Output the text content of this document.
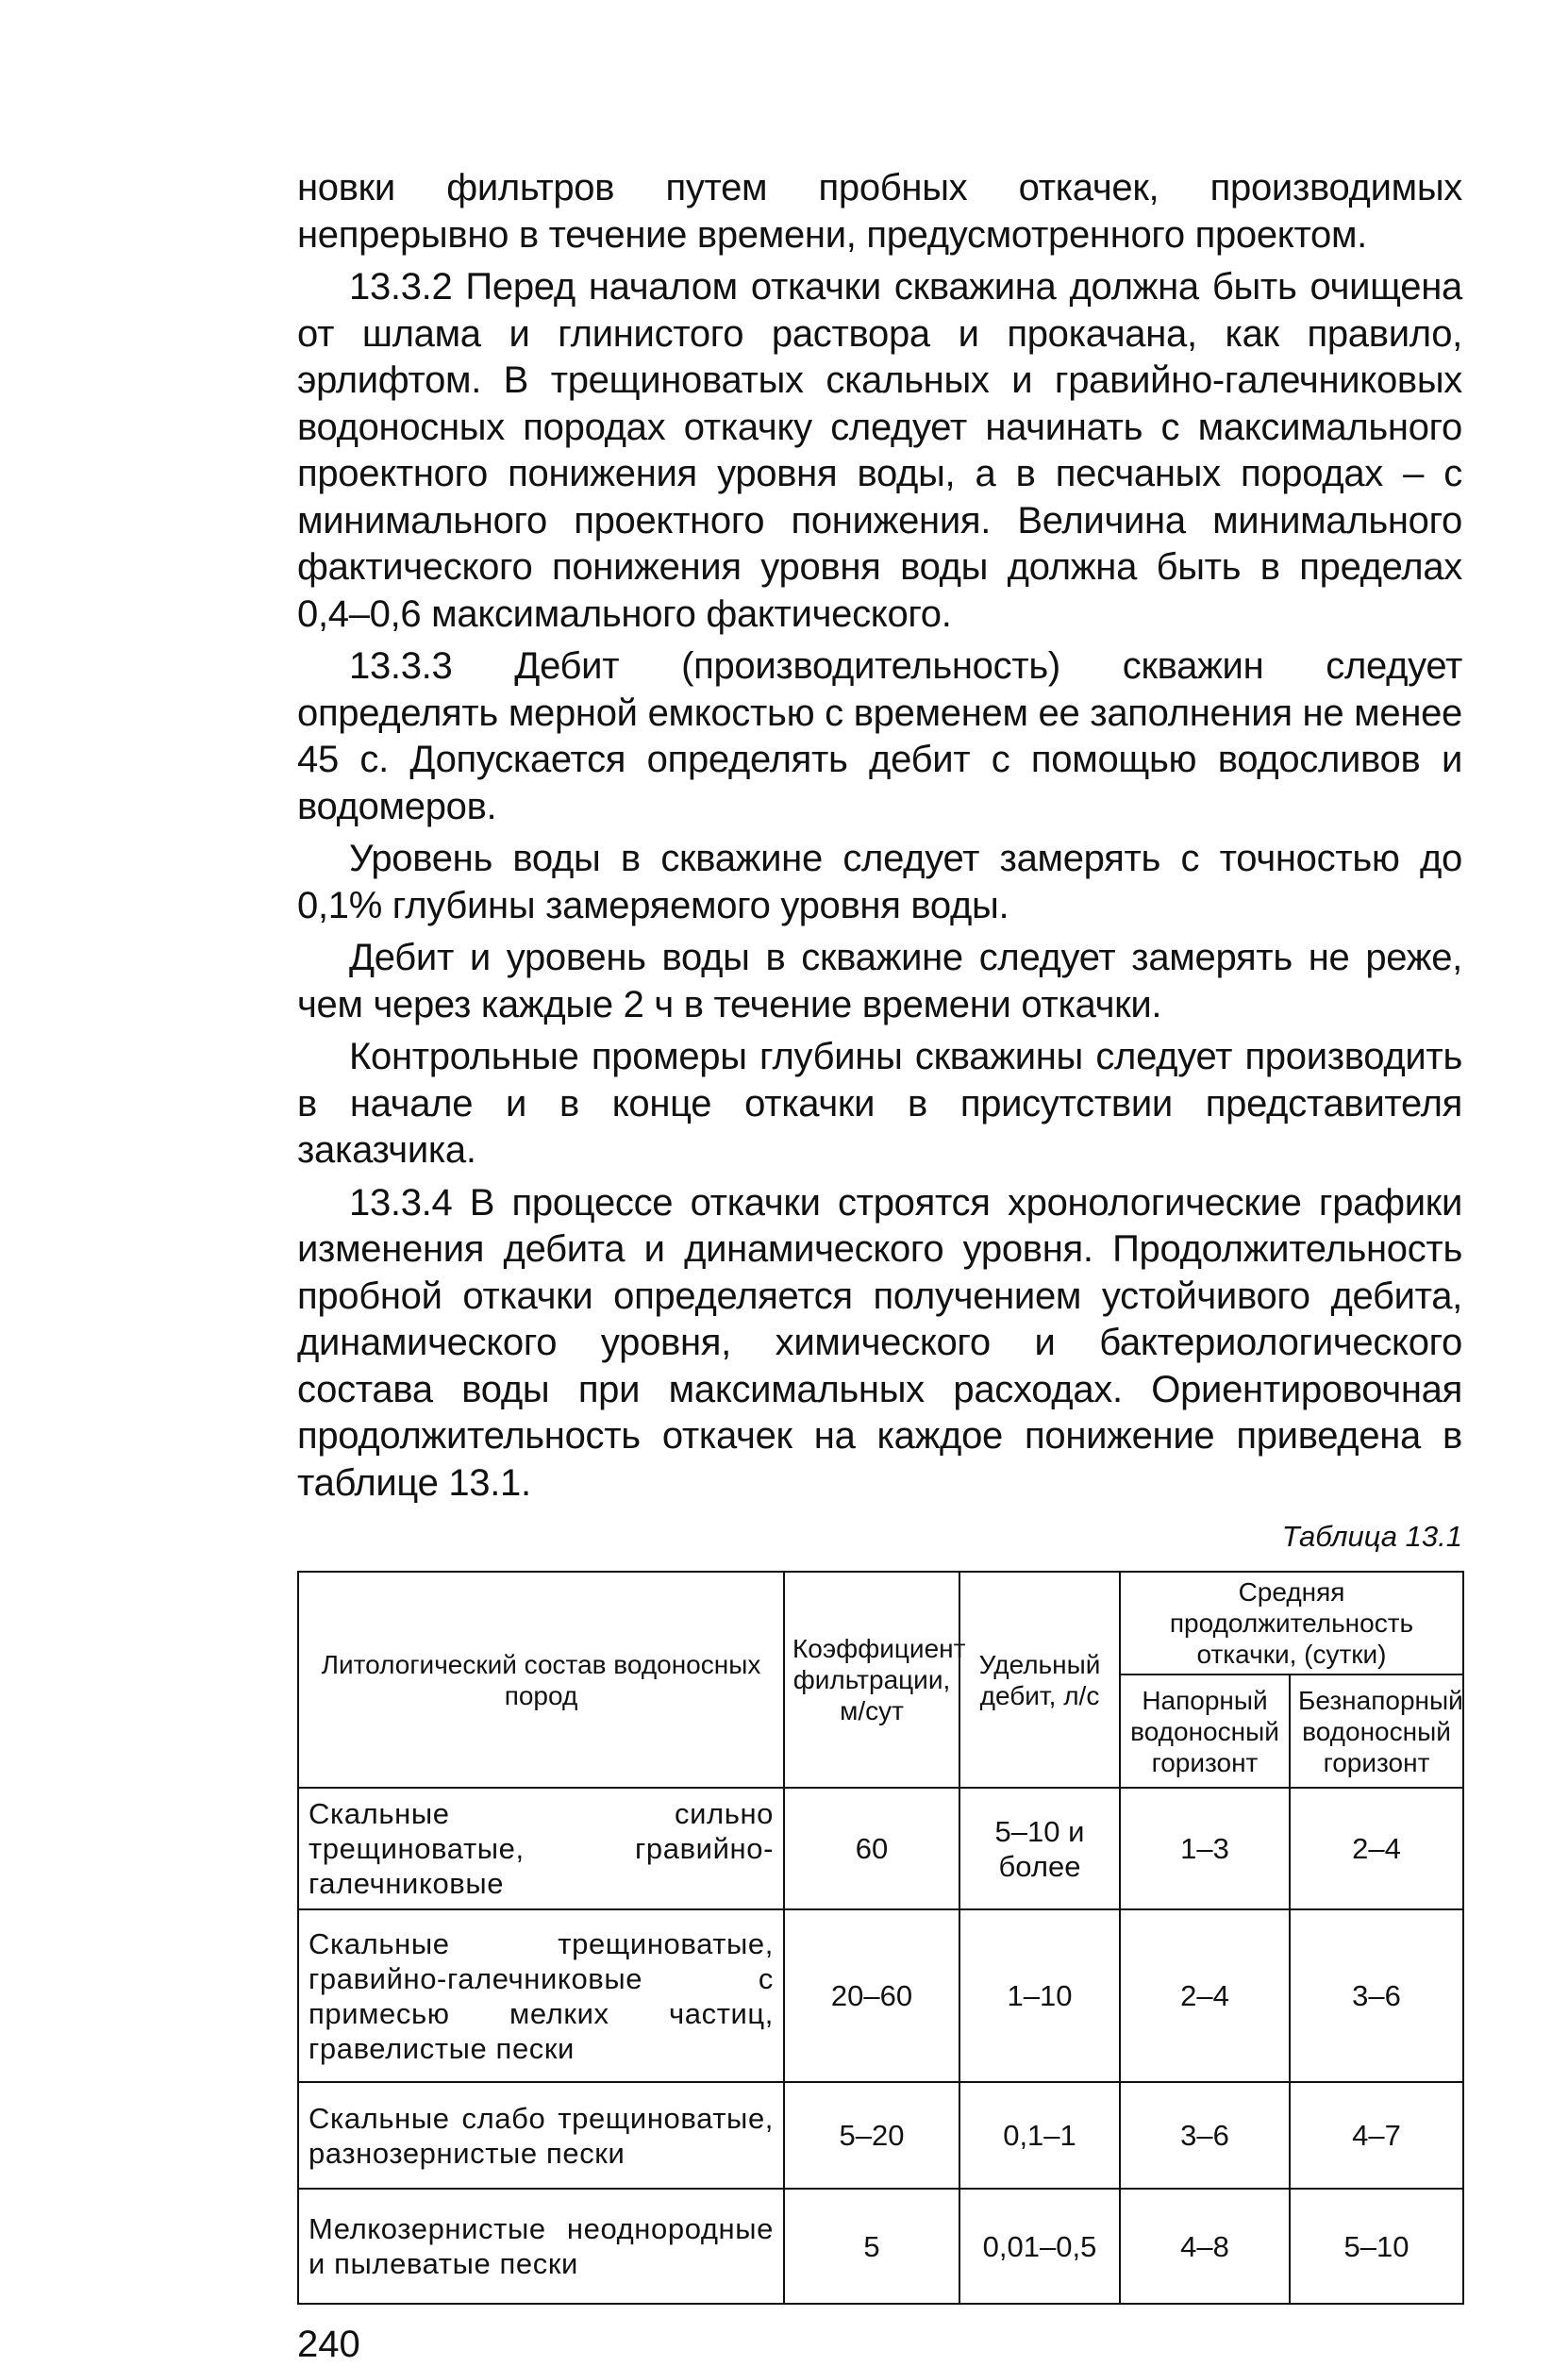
новки фильтров путем пробных откачек, производимых непрерывно в течение времени, предусмотренного проектом.

13.3.2 Перед началом откачки скважина должна быть очищена от шлама и глинистого раствора и прокачана, как правило, эрлифтом. В трещиноватых скальных и гравийно-галечниковых водоносных породах откачку следует начинать с максимального проектного понижения уровня воды, а в песчаных породах – с минимального проектного понижения. Величина минимального фактического понижения уровня воды должна быть в пределах 0,4–0,6 максимального фактического.

13.3.3 Дебит (производительность) скважин следует определять мерной емкостью с временем ее заполнения не менее 45 с. Допускается определять дебит с помощью водосливов и водомеров.

Уровень воды в скважине следует замерять с точностью до 0,1% глубины замеряемого уровня воды.

Дебит и уровень воды в скважине следует замерять не реже, чем через каждые 2 ч в течение времени откачки.

Контрольные промеры глубины скважины следует производить в начале и в конце откачки в присутствии представителя заказчика.

13.3.4 В процессе откачки строятся хронологические графики изменения дебита и динамического уровня. Продолжительность пробной откачки определяется получением устойчивого дебита, динамического уровня, химического и бактериологического состава воды при максимальных расходах. Ориентировочная продолжительность откачек на каждое понижение приведена в таблице 13.1.

Таблица 13.1
Литологический состав водоносных пород	Коэффициент фильтрации, м/сут	Удельный дебит, л/с	Средняя продолжительность откачки, (сутки)	
			Напорный водоносный горизонт	Безнапорный водоносный горизонт
Скальные сильно трещиноватые, гравийно-галечниковые	60	5–10 и более	1–3	2–4
Скальные трещиноватые, гравийно-галечниковые с примесью мелких частиц, гравелистые пески	20–60	1–10	2–4	3–6
Скальные слабо трещиноватые, разнозернистые пески	5–20	0,1–1	3–6	4–7
Мелкозернистые неоднородные и пылеватые пески	5	0,01–0,5	4–8	5–10
240
